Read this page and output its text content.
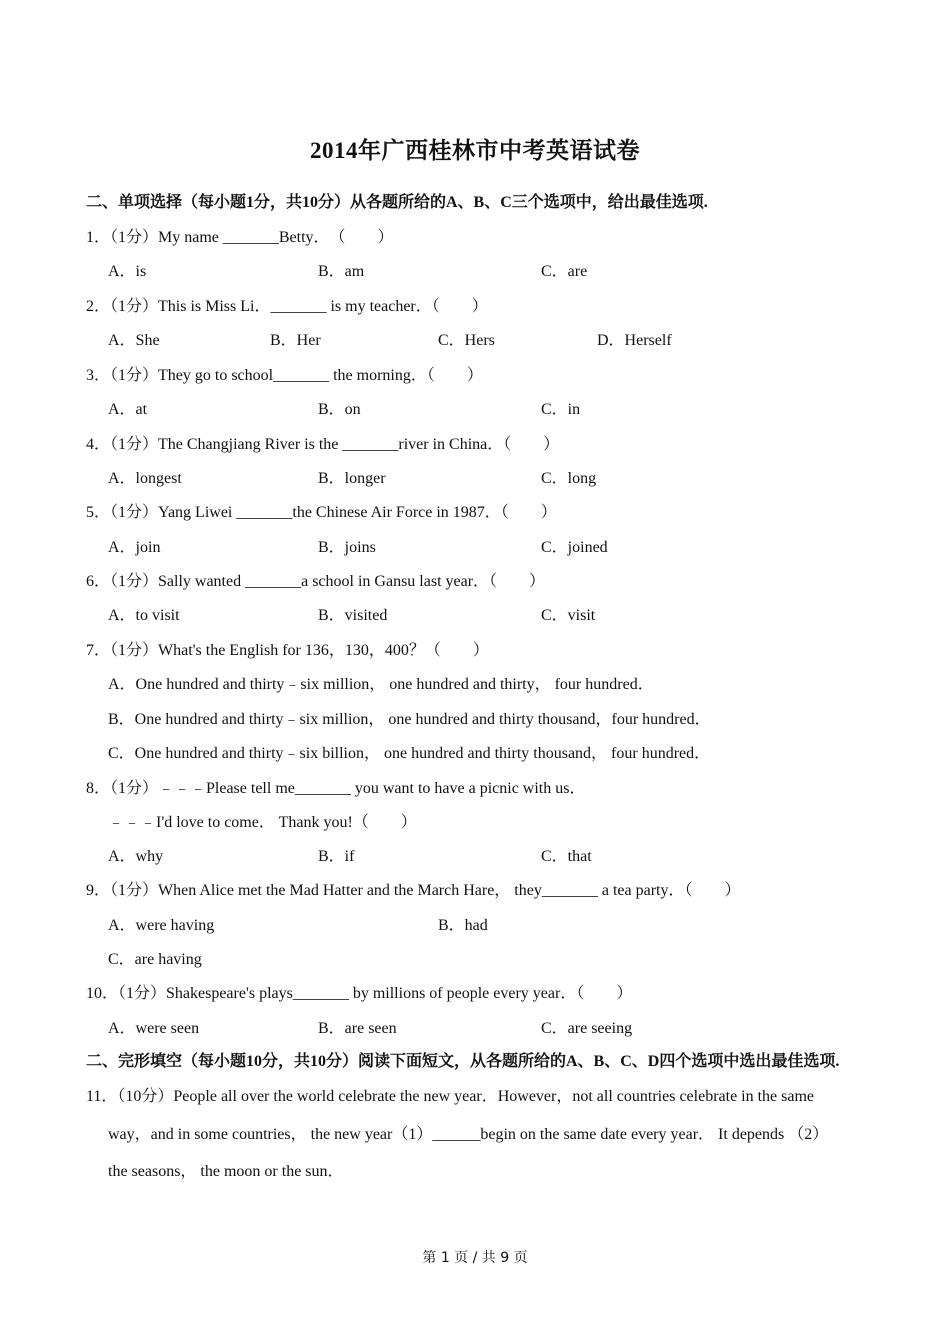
2014年广西桂林市中考英语试卷
二、单项选择（每小题1分，共10分）从各题所给的A、B、C三个选项中，给出最佳选项.
1．（1分）My name _______Betty．　（　　）
A．is	B．am	C．are
2．（1分）This is Miss Li．_______ is my teacher．（　　）
A．She	B．Her	C．Hers	D．Herself
3．（1分）They go to school_______ the morning．（　　）
A．at	B．on	C．in
4．（1分）The Changjiang River is the _______river in China．（　　）
A．longest	B．longer	C．long
5．（1分）Yang Liwei _______the Chinese Air Force in 1987．（　　）
A．join	B．joins	C．joined
6．（1分）Sally wanted _______a school in Gansu last year．（　　）
A．to visit	B．visited	C．visit
7．（1分）What's the English for 136，130，400？（　　）
A．One hundred and thirty﹣six million， one hundred and thirty， four hundred．
B．One hundred and thirty﹣six million， one hundred and thirty thousand，four hundred．
C．One hundred and thirty﹣six billion， one hundred and thirty thousand， four hundred．
8．（1分）﹣﹣﹣Please tell me_______ you want to have a picnic with us．
﹣﹣﹣I'd love to come． Thank you!（　　）
A．why	B．if	C．that
9．（1分）When Alice met the Mad Hatter and the March Hare， they_______ a tea party．（　　）
A．were having	B．had
C．are having
10．（1分）Shakespeare's plays_______ by millions of people every year．（　　）
A．were seen	B．are seen	C．are seeing
二、完形填空（每小题10分，共10分）阅读下面短文，从各题所给的A、B、C、D四个选项中选出最佳选项.
11．（10分）People all over the world celebrate the new year．However，not all countries celebrate in the same
way，and in some countries， the new year（1）______begin on the same date every year． It depends （2）
the seasons， the moon or the sun．
第 1 页 / 共 9 页
